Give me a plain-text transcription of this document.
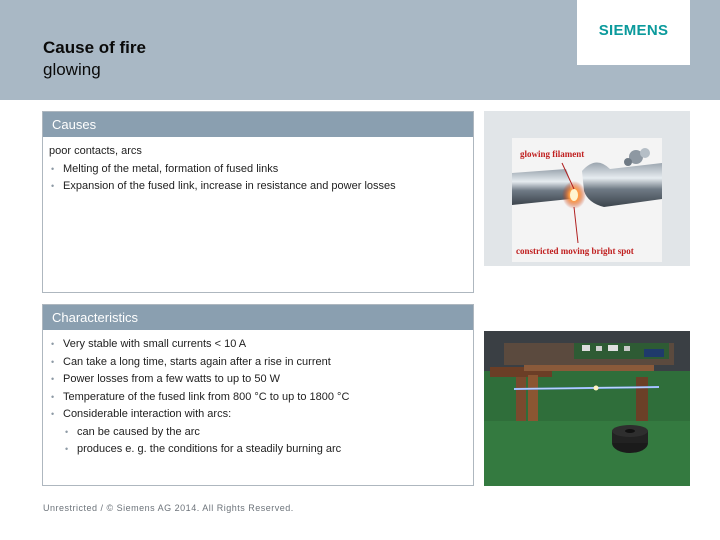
Cause of fire
glowing
SIEMENS
Causes
poor contacts, arcs
• Melting of the metal, formation of fused links
• Expansion of the fused link, increase in resistance and power losses
Characteristics
• Very stable with small currents < 10 A
• Can take a long time, starts again after a rise in current
• Power losses from a few watts to up to 50 W
• Temperature of the fused link from 800 °C to up to 1800 °C
• Considerable interaction with arcs:
• can be caused by the arc
• produces e. g. the conditions for a steadily burning arc
glowing filament
constricted moving bright spot
Unrestricted / © Siemens AG 2014. All Rights Reserved.
